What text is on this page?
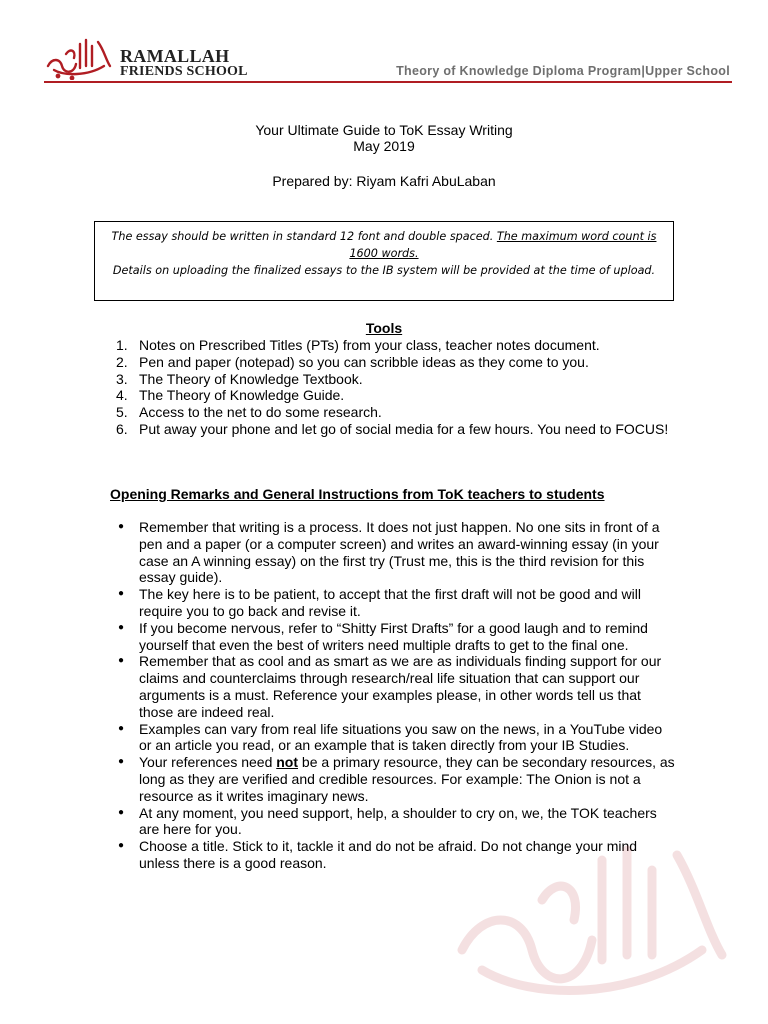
RAMALLAH
FRIENDS SCHOOL	Theory of Knowledge Diploma Program|Upper School
Your Ultimate Guide to ToK Essay Writing
May 2019
Prepared by: Riyam Kafri AbuLaban
The essay should be written in standard 12 font and double spaced. The maximum word count is 1600 words.
Details on uploading the finalized essays to the IB system will be provided at the time of upload.
Tools
1. Notes on Prescribed Titles (PTs) from your class, teacher notes document.
2. Pen and paper (notepad) so you can scribble ideas as they come to you.
3. The Theory of Knowledge Textbook.
4. The Theory of Knowledge Guide.
5. Access to the net to do some research.
6. Put away your phone and let go of social media for a few hours. You need to FOCUS!
Opening Remarks and General Instructions from ToK teachers to students
● Remember that writing is a process. It does not just happen. No one sits in front of a pen and a paper (or a computer screen) and writes an award-winning essay (in your case an A winning essay) on the first try (Trust me, this is the third revision for this essay guide).
● The key here is to be patient, to accept that the first draft will not be good and will require you to go back and revise it.
● If you become nervous, refer to “Shitty First Drafts” for a good laugh and to remind yourself that even the best of writers need multiple drafts to get to the final one.
● Remember that as cool and as smart as we are as individuals finding support for our claims and counterclaims through research/real life situation that can support our arguments is a must. Reference your examples please, in other words tell us that those are indeed real.
● Examples can vary from real life situations you saw on the news, in a YouTube video or an article you read, or an example that is taken directly from your IB Studies.
● Your references need not be a primary resource, they can be secondary resources, as long as they are verified and credible resources. For example: The Onion is not a resource as it writes imaginary news.
● At any moment, you need support, help, a shoulder to cry on, we, the TOK teachers are here for you.
● Choose a title. Stick to it, tackle it and do not be afraid. Do not change your mind unless there is a good reason.
